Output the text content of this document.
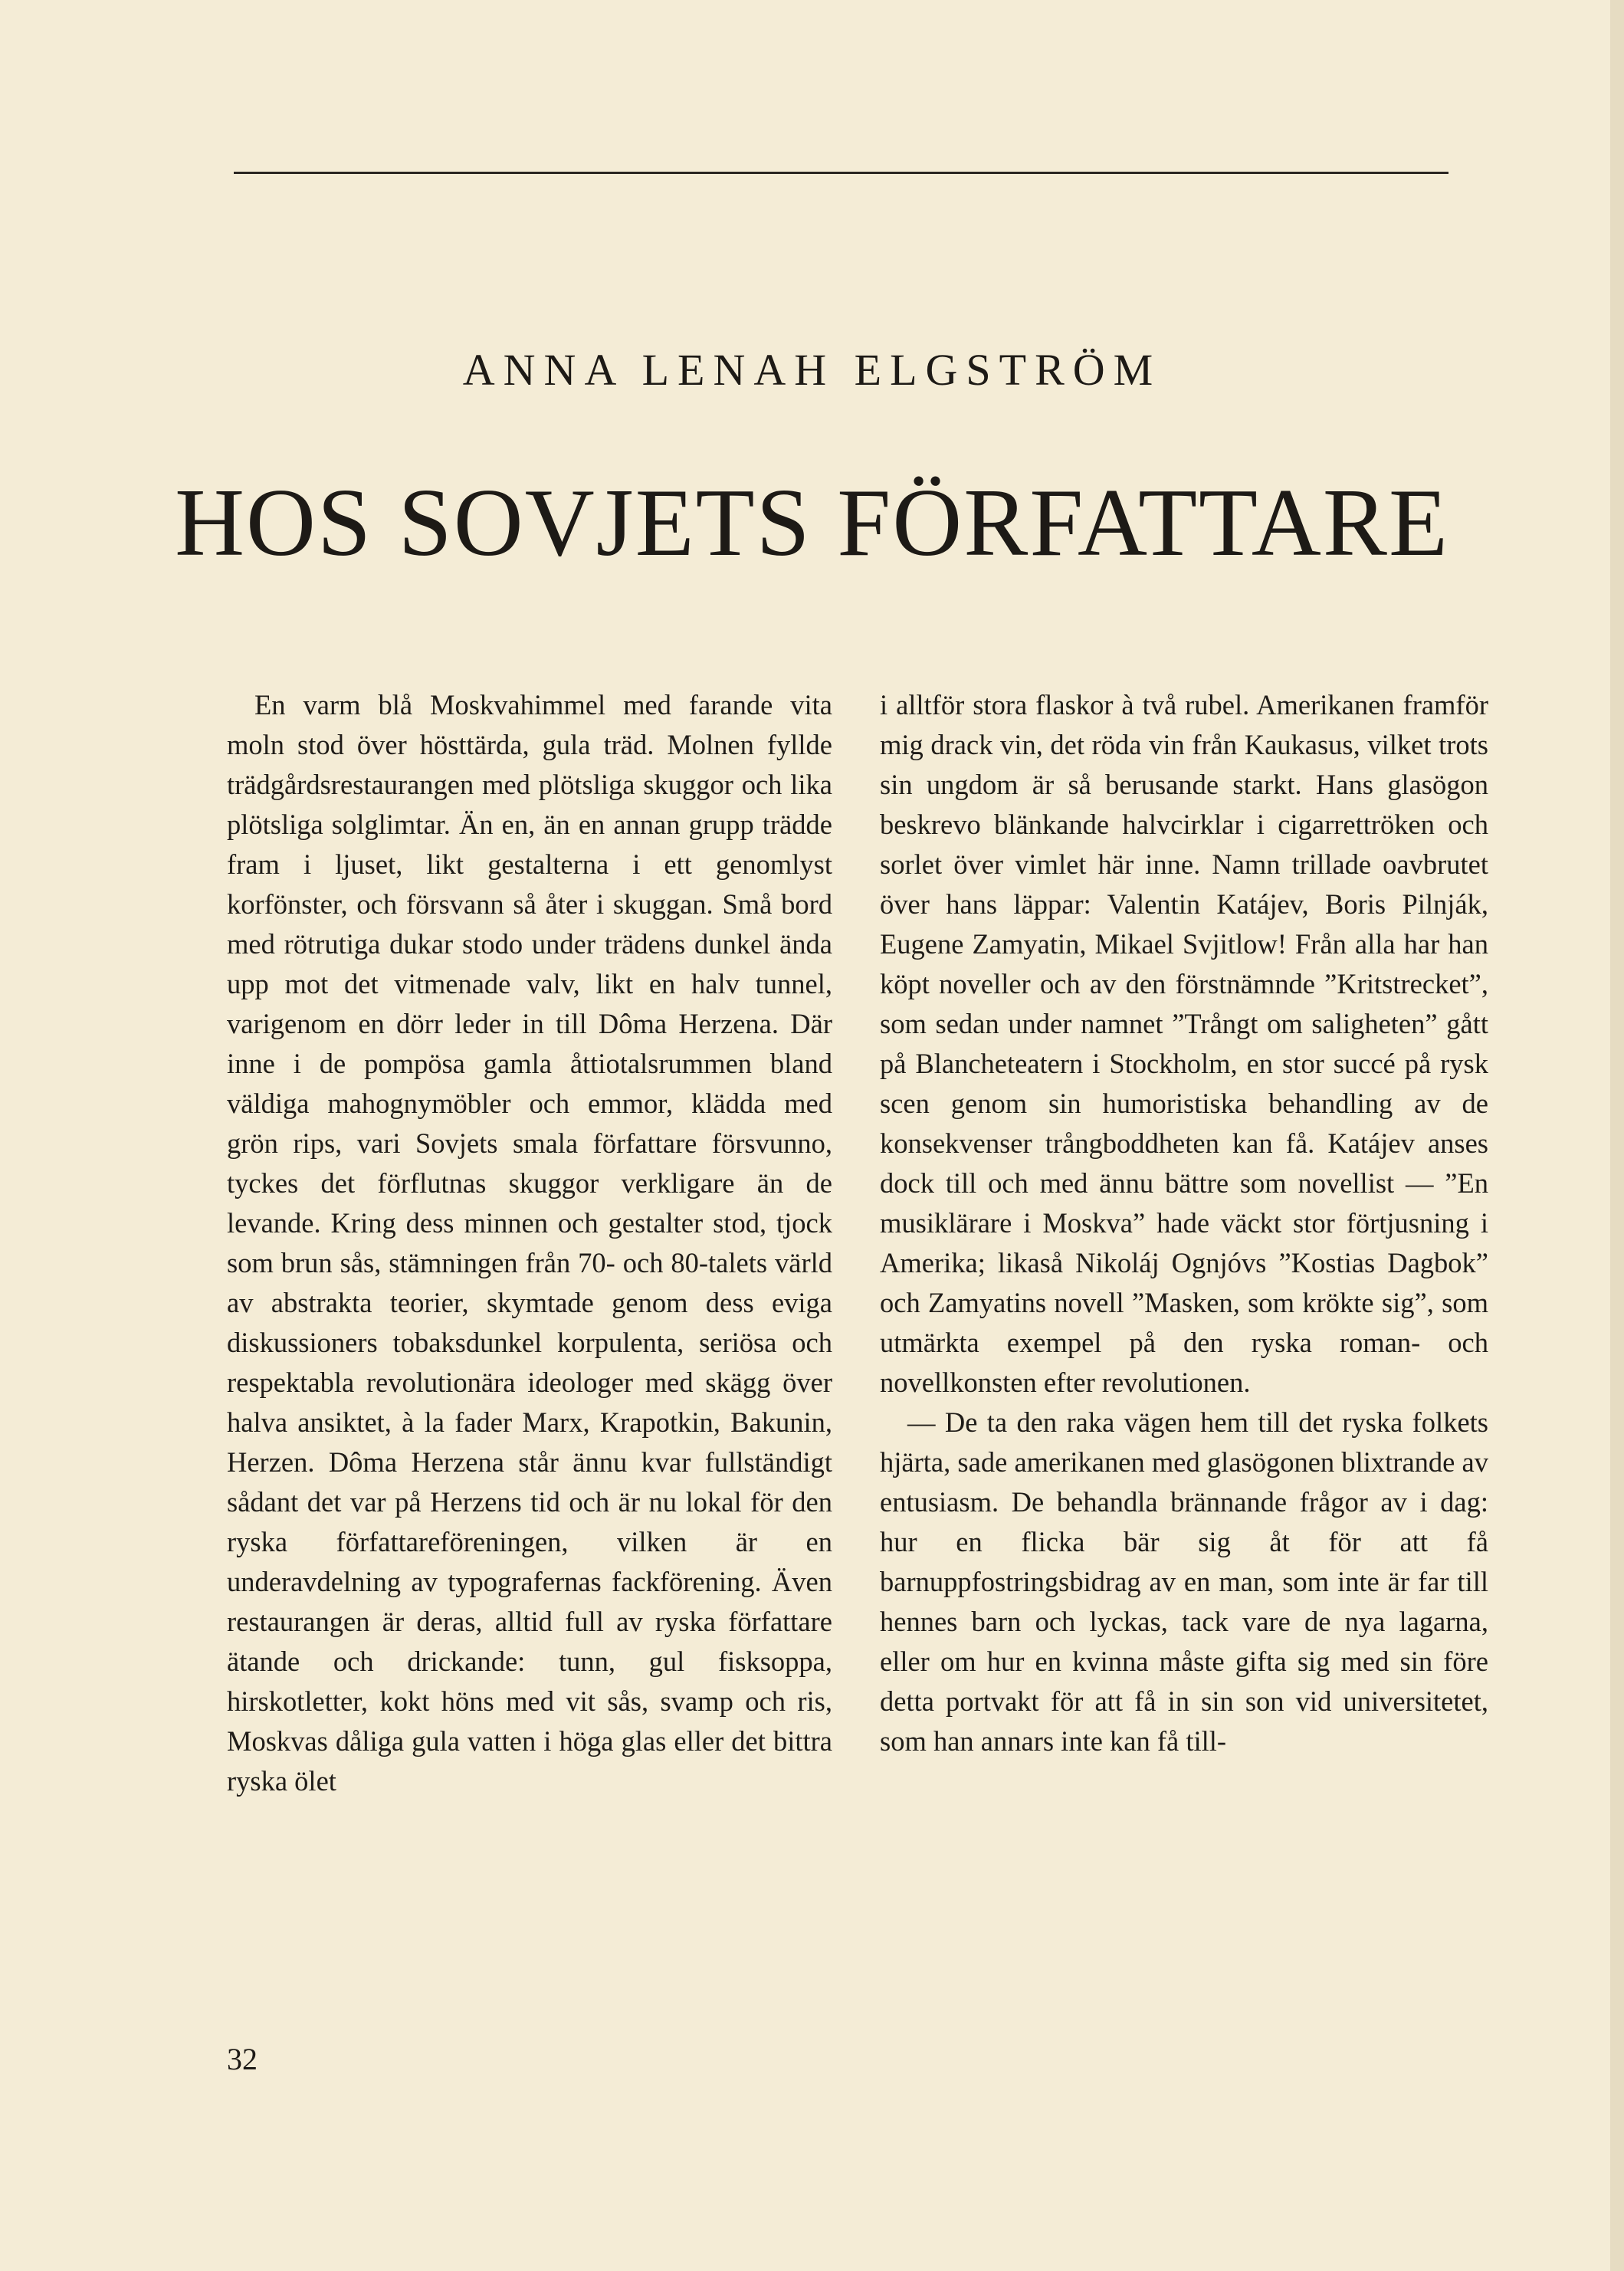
ANNA LENAH ELGSTRÖM
HOS SOVJETS FÖRFATTARE

En varm blå Moskvahimmel med farande vita moln stod över hösttärda, gula träd. Molnen fyllde trädgårdsrestaurangen med plötsliga skuggor och lika plötsliga solglimtar. Än en, än en annan grupp trädde fram i ljuset, likt gestalterna i ett genomlyst korfönster, och försvann så åter i skuggan. Små bord med rötrutiga dukar stodo under trädens dunkel ända upp mot det vitmenade valv, likt en halv tunnel, varigenom en dörr leder in till Dôma Herzena. Där inne i de pompösa gamla åttiotalsrummen bland väldiga mahognymöbler och emmor, klädda med grön rips, vari Sovjets smala författare försvunno, tyckes det förflutnas skuggor verkligare än de levande. Kring dess minnen och gestalter stod, tjock som brun sås, stämningen från 70- och 80-talets värld av abstrakta teorier, skymtade genom dess eviga diskussioners tobaksdunkel korpulenta, seriösa och respektabla revolutionära ideologer med skägg över halva ansiktet, à la fader Marx, Krapotkin, Bakunin, Herzen. Dôma Herzena står ännu kvar fullständigt sådant det var på Herzens tid och är nu lokal för den ryska författareföreningen, vilken är en underavdelning av typografernas fackförening. Även restaurangen är deras, alltid full av ryska författare ätande och drickande: tunn, gul fisksoppa, hirskotletter, kokt höns med vit sås, svamp och ris, Moskvas dåliga gula vatten i höga glas eller det bittra ryska ölet

i alltför stora flaskor à två rubel. Amerikanen framför mig drack vin, det röda vin från Kaukasus, vilket trots sin ungdom är så berusande starkt. Hans glasögon beskrevo blänkande halvcirklar i cigarrettröken och sorlet över vimlet här inne. Namn trillade oavbrutet över hans läppar: Valentin Katájev, Boris Pilnják, Eugene Zamyatin, Mikael Svjitlow! Från alla har han köpt noveller och av den förstnämnde ”Kritstrecket”, som sedan under namnet ”Trångt om saligheten” gått på Blancheteatern i Stockholm, en stor succé på rysk scen genom sin humoristiska behandling av de konsekvenser trångboddheten kan få. Katájev anses dock till och med ännu bättre som novellist — ”En musiklärare i Moskva” hade väckt stor förtjusning i Amerika; likaså Nikoláj Ognjóvs ”Kostias Dagbok” och Zamyatins novell ”Masken, som krökte sig”, som utmärkta exempel på den ryska roman- och novellkonsten efter revolutionen.

— De ta den raka vägen hem till det ryska folkets hjärta, sade amerikanen med glasögonen blixtrande av entusiasm. De behandla brännande frågor av i dag: hur en flicka bär sig åt för att få barnuppfostringsbidrag av en man, som inte är far till hennes barn och lyckas, tack vare de nya lagarna, eller om hur en kvinna måste gifta sig med sin före detta portvakt för att få in sin son vid universitetet, som han annars inte kan få till-

32
